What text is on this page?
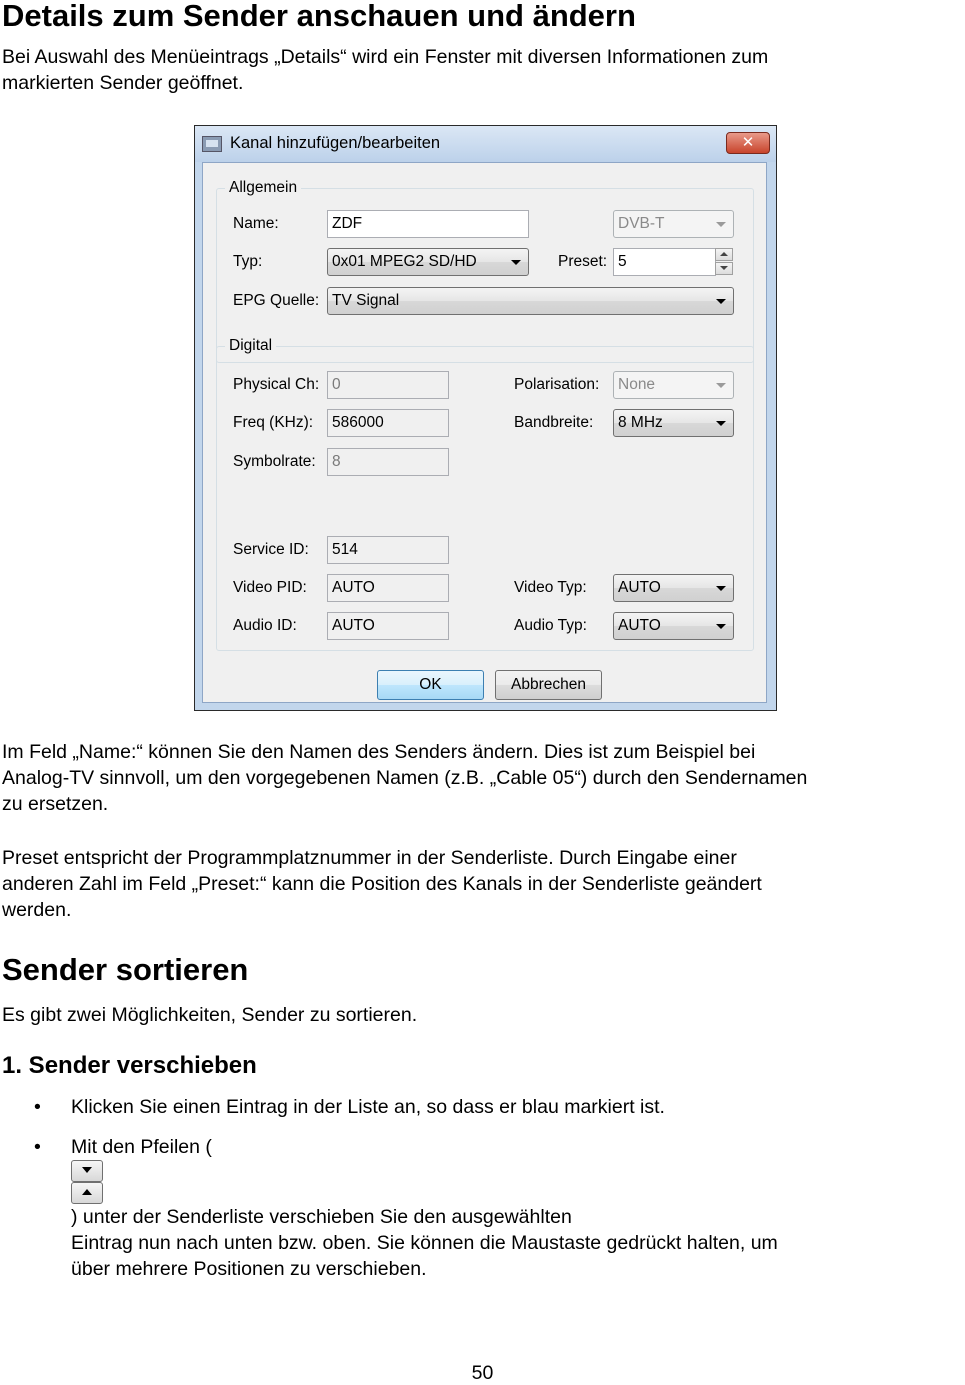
Details zum Sender anschauen und ändern

Bei Auswahl des Menüeintrags „Details“ wird ein Fenster mit diversen Informationen zum
markierten Sender geöffnet.

Kanal hinzufügen/bearbeiten	✕
Allgemein
Name:	ZDF	DVB-T
Typ:	0x01 MPEG2 SD/HD	Preset: 5
EPG Quelle: TV Signal
Digital
Physical Ch: 0	Polarisation:	None
Freq (KHz):	586000	Bandbreite:	8 MHz
Symbolrate:	8
Service ID:	514
Video PID:	AUTO	Video Typ:	AUTO
Audio ID:	AUTO	Audio Typ:	AUTO
OK	Abbrechen

Im Feld „Name:“ können Sie den Namen des Senders ändern. Dies ist zum Beispiel bei
Analog-TV sinnvoll, um den vorgegebenen Namen (z.B. „Cable 05“) durch den Sendernamen
zu ersetzen.

Preset entspricht der Programmplatznummer in der Senderliste. Durch Eingabe einer
anderen Zahl im Feld „Preset:“ kann die Position des Kanals in der Senderliste geändert
werden.

Sender sortieren

Es gibt zwei Möglichkeiten, Sender zu sortieren.

1. Sender verschieben
• Klicken Sie einen Eintrag in der Liste an, so dass er blau markiert ist.
• Mit den Pfeilen (
) unter der Senderliste verschieben Sie den ausgewählten
Eintrag nun nach unten bzw. oben. Sie können die Maustaste gedrückt halten, um
über mehrere Positionen zu verschieben.
50
